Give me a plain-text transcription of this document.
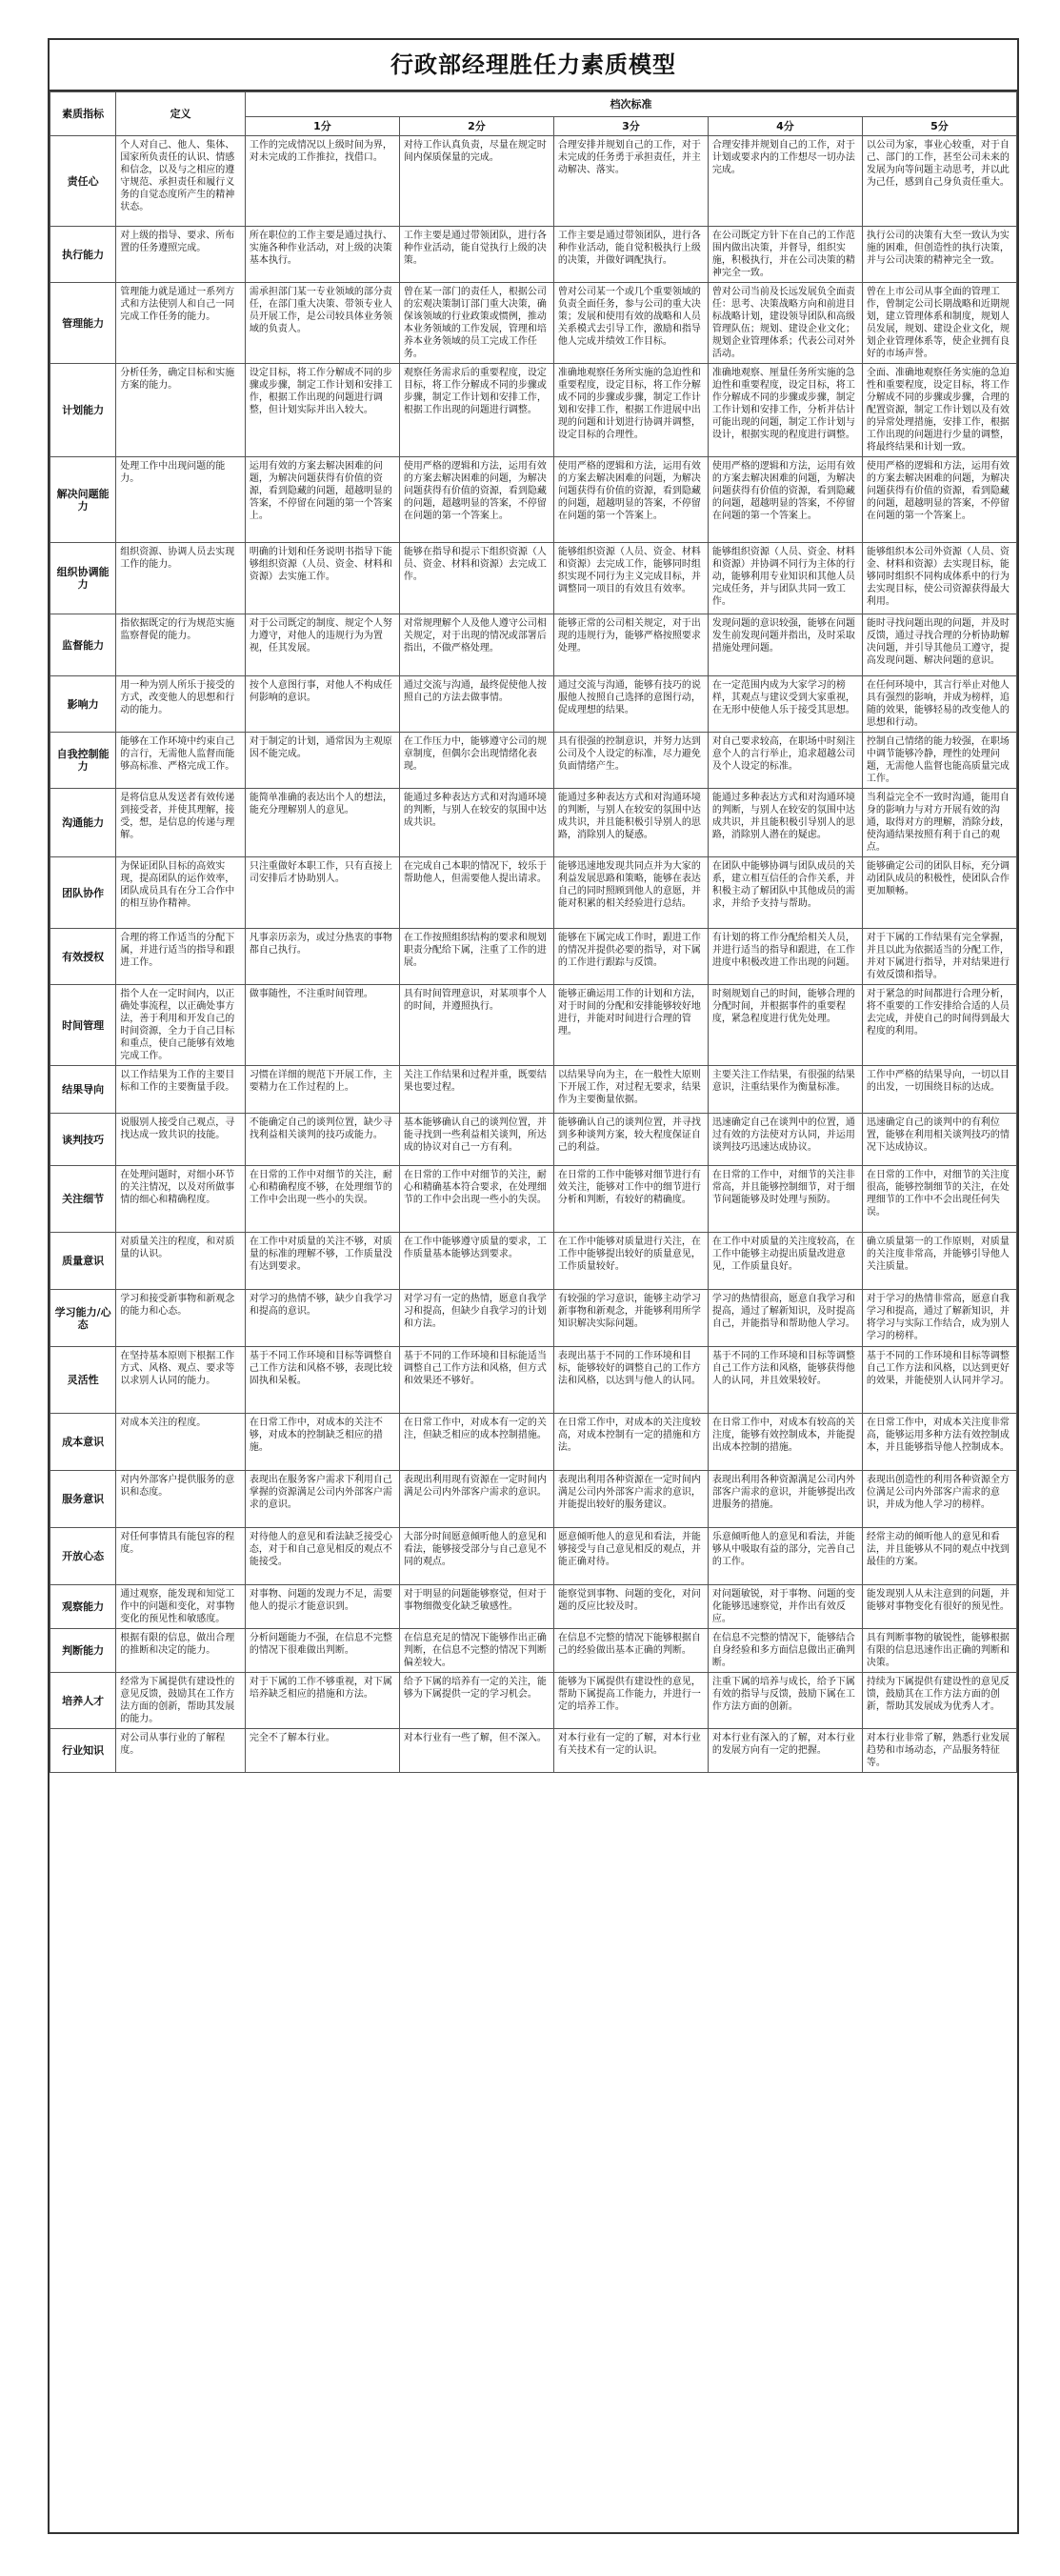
行政部经理胜任力素质模型
素质指标	定义	档次标准				
		1分	2分	3分	4分	5分
责任心	个人对自己、他人、集体、国家所负责任的认识、情感和信念，以及与之相应的遵守规范、承担责任和履行义务的自觉态度所产生的精神状态。	工作的完成情况以上级时间为界，对未完成的工作推拉，找借口。	对待工作认真负责，尽量在规定时间内保质保量的完成。	合理安排并规划自己的工作，对于未完成的任务勇于承担责任，并主动解决、落实。	合理安排并规划自己的工作，对于计划或要求内的工作想尽一切办法完成。	以公司为家，事业心较重，对于自己、部门的工作，甚至公司未来的发展为向等问题主动思考，并以此为己任，感到自己身负责任重大。
执行能力	对上级的指导、要求、所布置的任务遵照完成。	所在职位的工作主要是通过执行、实施各种作业活动，对上级的决策基本执行。	工作主要是通过带领团队，进行各种作业活动，能自觉执行上级的决策。	工作主要是通过带领团队，进行各种作业活动，能自觉积极执行上级的决策，并做好调配执行。	在公司既定方针下在自己的工作范围内做出决策，并督导，组织实施，积极执行，并在公司决策的精神完全一致。	执行公司的决策有大至一致认为实施的困难，但创造性的执行决策，并与公司决策的精神完全一致。
管理能力	管理能力就是通过一系列方式和方法使别人和自己一同完成工作任务的能力。	需承担部门某一专业领域的部分责任，在部门重大决策、带领专业人员开展工作，是公司较具体业务领域的负责人。	曾在某一部门的责任人，根据公司的宏观决策制订部门重大决策，确保该领域的行业政策或惯例，推动本业务领域的工作发展，管理和培养本业务领域的员工完成工作任务。	曾对公司某一个或几个重要领域的负责全面任务，参与公司的重大决策；发展和使用有效的战略和人员关系模式去引导工作，激励和指导他人完成并绩效工作目标。	曾对公司当前及长远发展负全面责任：思考、决策战略方向和前进目标战略计划，建设领导团队和高级管理队伍；规划、建设企业文化；规划企业管理体系；代表公司对外活动。	曾在上市公司从事全面的管理工作，曾制定公司长期战略和近期规划，建立管理体系和制度，规划人员发展，规划、建设企业文化，规划企业管理体系等，使企业拥有良好的市场声誉。
计划能力	分析任务，确定目标和实施方案的能力。	设定目标，将工作分解成不同的步骤或步骤，制定工作计划和安排工作，根据工作出现的问题进行调整，但计划实际并出入较大。	观察任务需求后的重要程度，设定目标，将工作分解成不同的步骤或步骤，制定工作计划和安排工作，根据工作出现的问题进行调整。	准确地观察任务所实施的急迫性和重要程度，设定目标，将工作分解成不同的步骤或步骤，制定工作计划和安排工作，根据工作进展中出现的问题和计划进行协调并调整，设定目标的合理性。	准确地观察、厘量任务所实施的急迫性和重要程度，设定目标，将工作分解成不同的步骤或步骤，制定工作计划和安排工作，分析并估计可能出现的问题，制定工作计划与设计，根据实现的程度进行调整。	全面、准确地观察任务实施的急迫性和重要程度，设定目标，将工作分解成不同的步骤或步骤，合理的配置资源，制定工作计划以及有效的异常处理措施，安排工作，根据工作出现的问题进行少量的调整，将最终结果和计划一致。
解决问题能力	处理工作中出现问题的能力。	运用有效的方案去解决困难的问题，为解决问题获得有价值的资源，看到隐藏的问题，超越明显的答案，不停留在问题的第一个答案上。	使用严格的逻辑和方法，运用有效的方案去解决困难的问题，为解决问题获得有价值的资源，看到隐藏的问题，超越明显的答案，不停留在问题的第一个答案上。	使用严格的逻辑和方法，运用有效的方案去解决困难的问题，为解决问题获得有价值的资源，看到隐藏的问题，超越明显的答案，不停留在问题的第一个答案上。	使用严格的逻辑和方法，运用有效的方案去解决困难的问题，为解决问题获得有价值的资源，看到隐藏的问题，超越明显的答案，不停留在问题的第一个答案上。	使用严格的逻辑和方法，运用有效的方案去解决困难的问题，为解决问题获得有价值的资源，看到隐藏的问题，超越明显的答案，不停留在问题的第一个答案上。
组织协调能力	组织资源、协调人员去实现工作的能力。	明确的计划和任务说明书指导下能够组织资源（人员、资金、材料和资源）去实施工作。	能够在指导和提示下组织资源（人员、资金、材料和资源）去完成工作。	能够组织资源（人员、资金、材料和资源）去完成工作，能够同时组织实现不同行为主义完成目标，并调整同一项目的有效且有效率。	能够组织资源（人员、资金、材料和资源）并协调不同行为主体的行动，能够利用专业知识和其他人员完成任务，并与团队共同一致工作。	能够组织本公司外资源（人员、资金、材料和资源）去实现目标，能够同时组织不同构成体系中的行为去实现目标，使公司资源获得最大利用。
监督能力	指依据既定的行为规范实施监察督促的能力。	对于公司既定的制度、规定个人努力遵守，对他人的违规行为为置视，任其发展。	对常规理解个人及他人遵守公司相关规定，对于出现的情况或部署后指出，不做严格处理。	能够正常的公司相关规定，对于出现的违规行为，能够严格按照要求处理。	发现问题的意识较强，能够在问题发生前发现问题并指出，及时采取措施处理问题。	能时寻找问题出现的问题，并及时反馈，通过寻找合理的分析协助解决问题，并引导其他员工遵守，提高发现问题、解决问题的意识。
影响力	用一种为别人所乐于接受的方式，改变他人的思想和行动的能力。	按个人意图行事，对他人不构成任何影响的意识。	通过交流与沟通，最终促使他人按照自己的方法去做事情。	通过交流与沟通，能够有技巧的说服他人按照自己选择的意图行动，促成理想的结果。	在一定范围内成为大家学习的榜样，其观点与建议受到大家重视，在无形中使他人乐于接受其思想。	在任何环境中，其言行举止对他人具有强烈的影响，并成为榜样，追随的效果，能够轻易的改变他人的思想和行动。
自我控制能力	能够在工作环境中约束自己的言行，无需他人监督而能够高标准、严格完成工作。	对于制定的计划，通常因为主观原因不能完成。	在工作压力中，能够遵守公司的规章制度，但偶尔会出现情绪化表现。	具有很强的控制意识，并努力达到公司及个人设定的标准，尽力避免负面情绪产生。	对自己要求较高，在职场中时刻注意个人的言行举止，追求超越公司及个人设定的标准。	控制自己情绪的能力较强，在职场中调节能够冷静，理性的处理问题，无需他人监督也能高质量完成工作。
沟通能力	是将信息从发送者有效传递到接受者，并使其理解，接受，想，是信息的传递与理解。	能简单准确的表达出个人的想法，能充分理解别人的意见。	能通过多种表达方式和对沟通环境的判断，与别人在较安的氛围中达成共识。	能通过多种表达方式和对沟通环境的判断，与别人在较安的氛围中达成共识，并且能积极引导别人的思路，消除别人的疑惑。	能通过多种表达方式和对沟通环境的判断，与别人在较安的氛围中达成共识，并且能积极引导别人的思路，消除别人潜在的疑虑。	当利益完全不一致时沟通，能用自身的影响力与对方开展有效的沟通，取得对方的理解，消除分歧，使沟通结果按照有利于自己的观点。
团队协作	为保证团队目标的高效实现，提高团队的运作效率，团队成员具有在分工合作中的相互协作精神。	只注重做好本职工作，只有直接上司安排后才协助别人。	在完成自己本职的情况下，较乐于帮助他人，但需要他人提出请求。	能够迅速地发现共同点并为大家的利益发展思路和策略，能够在表达自己的同时照顾到他人的意愿，并能对积累的相关经验进行总结。	在团队中能够协调与团队成员的关系，建立相互信任的合作关系，并积极主动了解团队中其他成员的需求，并给予支持与帮助。	能够确定公司的团队目标，充分调动团队成员的积极性，使团队合作更加顺畅。
有效授权	合理的将工作适当的分配下属，并进行适当的指导和跟进工作。	凡事亲历亲为，或过分热衷的事物都自己执行。	在工作按照组织结构的要求和规划职责分配给下属，注重了工作的进展。	能够在下属完成工作时，跟进工作的情况并提供必要的指导，对下属的工作进行跟踪与反馈。	有计划的将工作分配给相关人员，并进行适当的指导和跟进，在工作进度中积极改进工作出现的问题。	对于下属的工作结果有完全掌握，并且以此为依据适当的分配工作，并对下属进行指导，并对结果进行有效反馈和指导。
时间管理	指个人在一定时间内，以正确处事流程，以正确处事方法，善于利用和开发自己的时间资源，全力于自己目标和重点，使自己能够有效地完成工作。	做事随性，不注重时间管理。	具有时间管理意识，对某项事个人的时间，并遵照执行。	能够正确运用工作的计划和方法，对于时间的分配和安排能够较好地进行，并能对时间进行合理的管理。	时刻规划自己的时间，能够合理的分配时间，并根据事件的重要程度，紧急程度进行优先处理。	对于紧急的时间都进行合理分析，将不重要的工作安排给合适的人员去完成，并使自己的时间得到最大程度的利用。
结果导向	以工作结果为工作的主要目标和工作的主要衡量手段。	习惯在详细的规范下开展工作，主要精力在工作过程的上。	关注工作结果和过程并重，既要结果也要过程。	以结果导向为主，在一般性大原则下开展工作，对过程无要求，结果作为主要衡量依据。	主要关注工作结果，有很强的结果意识，注重结果作为衡量标准。	工作中严格的结果导向，一切以目的出发，一切围绕目标的达成。
谈判技巧	说服别人接受自己观点，寻找达成一致共识的技能。	不能确定自己的谈判位置，缺少寻找利益相关谈判的技巧或能力。	基本能够确认自己的谈判位置，并能寻找到一些利益相关谈判，所达成的协议对自己一方有利。	能够确认自己的谈判位置，并寻找到多种谈判方案，较大程度保证自己的利益。	迅速确定自己在谈判中的位置，通过有效的方法使对方认同，并运用谈判技巧迅速达成协议。	迅速确定自己的谈判中的有利位置，能够在利用相关谈判技巧的情况下达成协议。
关注细节	在处理问题时，对细小环节的关注情况，以及对所做事情的细心和精确程度。	在日常的工作中对细节的关注，耐心和精确程度不够，在处理细节的工作中会出现一些小的失误。	在日常的工作中对细节的关注，耐心和精确基本符合要求，在处理细节的工作中会出现一些小的失误。	在日常的工作中能够对细节进行有效关注，能够对工作中的细节进行分析和判断，有较好的精确度。	在日常的工作中，对细节的关注非常高，并且能够控制细节，对于细节问题能够及时处理与预防。	在日常的工作中，对细节的关注度很高，能够控制细节的关注，在处理细节的工作中不会出现任何失误。
质量意识	对质量关注的程度，和对质量的认识。	在工作中对质量的关注不够，对质量的标准的理解不够，工作质量没有达到要求。	在工作中能够遵守质量的要求，工作质量基本能够达到要求。	在工作中能够对质量进行关注，在工作中能够提出较好的质量意见，工作质量较好。	在工作中对质量的关注度较高，在工作中能够主动提出质量改进意见，工作质量良好。	确立质量第一的工作原则，对质量的关注度非常高，并能够引导他人关注质量。
学习能力/心态	学习和接受新事物和新观念的能力和心态。	对学习的热情不够，缺少自我学习和提高的意识。	对学习有一定的热情，愿意自我学习和提高，但缺少自我学习的计划和方法。	有较强的学习意识，能够主动学习新事物和新观念，并能够利用所学知识解决实际问题。	学习的热情很高，愿意自我学习和提高，通过了解新知识，及时提高自己，并能指导和帮助他人学习。	对于学习的热情非常高，愿意自我学习和提高，通过了解新知识，并将学习与实际工作结合，成为别人学习的榜样。
灵活性	在坚持基本原则下根据工作方式、风格、观点、要求等以求别人认同的能力。	基于不同工作环境和目标等调整自己工作方法和风格不够，表现比较固执和呆板。	基于不同的工作环境和目标能适当调整自己工作方法和风格，但方式和效果还不够好。	表现出基于不同的工作环境和目标，能够较好的调整自己的工作方法和风格，以达到与他人的认同。	基于不同的工作环境和目标等调整自己工作方法和风格，能够获得他人的认同，并且效果较好。	基于不同的工作环境和目标等调整自己工作方法和风格，以达到更好的效果，并能使别人认同并学习。
成本意识	对成本关注的程度。	在日常工作中，对成本的关注不够，对成本的控制缺乏相应的措施。	在日常工作中，对成本有一定的关注，但缺乏相应的成本控制措施。	在日常工作中，对成本的关注度较高，对成本控制有一定的措施和方法。	在日常工作中，对成本有较高的关注度，能够有效控制成本，并能提出成本控制的措施。	在日常工作中，对成本关注度非常高，能够运用多种方法有效控制成本，并且能够指导他人控制成本。
服务意识	对内外部客户提供服务的意识和态度。	表现出在服务客户需求下利用自己掌握的资源满足公司内外部客户需求的意识。	表现出利用现有资源在一定时间内满足公司内外部客户需求的意识。	表现出利用各种资源在一定时间内满足公司内外部客户需求的意识，并能提出较好的服务建议。	表现出利用各种资源满足公司内外部客户需求的意识，并能够提出改进服务的措施。	表现出创造性的利用各种资源全方位满足公司内外部客户需求的意识，并成为他人学习的榜样。
开放心态	对任何事情具有能包容的程度。	对待他人的意见和看法缺乏接受心态，对于和自己意见相反的观点不能接受。	大部分时间愿意倾听他人的意见和看法，能够接受部分与自己意见不同的观点。	愿意倾听他人的意见和看法，并能够接受与自己意见相反的观点，并能正确对待。	乐意倾听他人的意见和看法，并能够从中吸取有益的部分，完善自己的工作。	经常主动的倾听他人的意见和看法，并且能够从不同的观点中找到最佳的方案。
观察能力	通过观察，能发现和知觉工作中的问题和变化，对事物变化的预见性和敏感度。	对事物、问题的发现力不足，需要他人的提示才能意识到。	对于明显的问题能够察觉，但对于事物细微变化缺乏敏感性。	能察觉到事物、问题的变化，对问题的反应比较及时。	对问题敏锐，对于事物、问题的变化能够迅速察觉，并作出有效反应。	能发现别人从未注意到的问题，并能够对事物变化有很好的预见性。
判断能力	根据有限的信息，做出合理的推断和决定的能力。	分析问题能力不强，在信息不完整的情况下很难做出判断。	在信息充足的情况下能够作出正确判断，在信息不完整的情况下判断偏差较大。	在信息不完整的情况下能够根据自己的经验做出基本正确的判断。	在信息不完整的情况下，能够结合自身经验和多方面信息做出正确判断。	具有判断事物的敏锐性，能够根据有限的信息迅速作出正确的判断和决策。
培养人才	经常为下属提供有建设性的意见反馈，鼓励其在工作方法方面的创新，帮助其发展的能力。	对于下属的工作不够重视，对下属培养缺乏相应的措施和方法。	给予下属的培养有一定的关注，能够为下属提供一定的学习机会。	能够为下属提供有建设性的意见，帮助下属提高工作能力，并进行一定的培养工作。	注重下属的培养与成长，给予下属有效的指导与反馈，鼓励下属在工作方法方面的创新。	持续为下属提供有建设性的意见反馈，鼓励其在工作方法方面的创新，帮助其发展成为优秀人才。
行业知识	对公司从事行业的了解程度。	完全不了解本行业。	对本行业有一些了解，但不深入。	对本行业有一定的了解，对本行业有关技术有一定的认识。	对本行业有深入的了解，对本行业的发展方向有一定的把握。	对本行业非常了解，熟悉行业发展趋势和市场动态，产品服务特征等。
